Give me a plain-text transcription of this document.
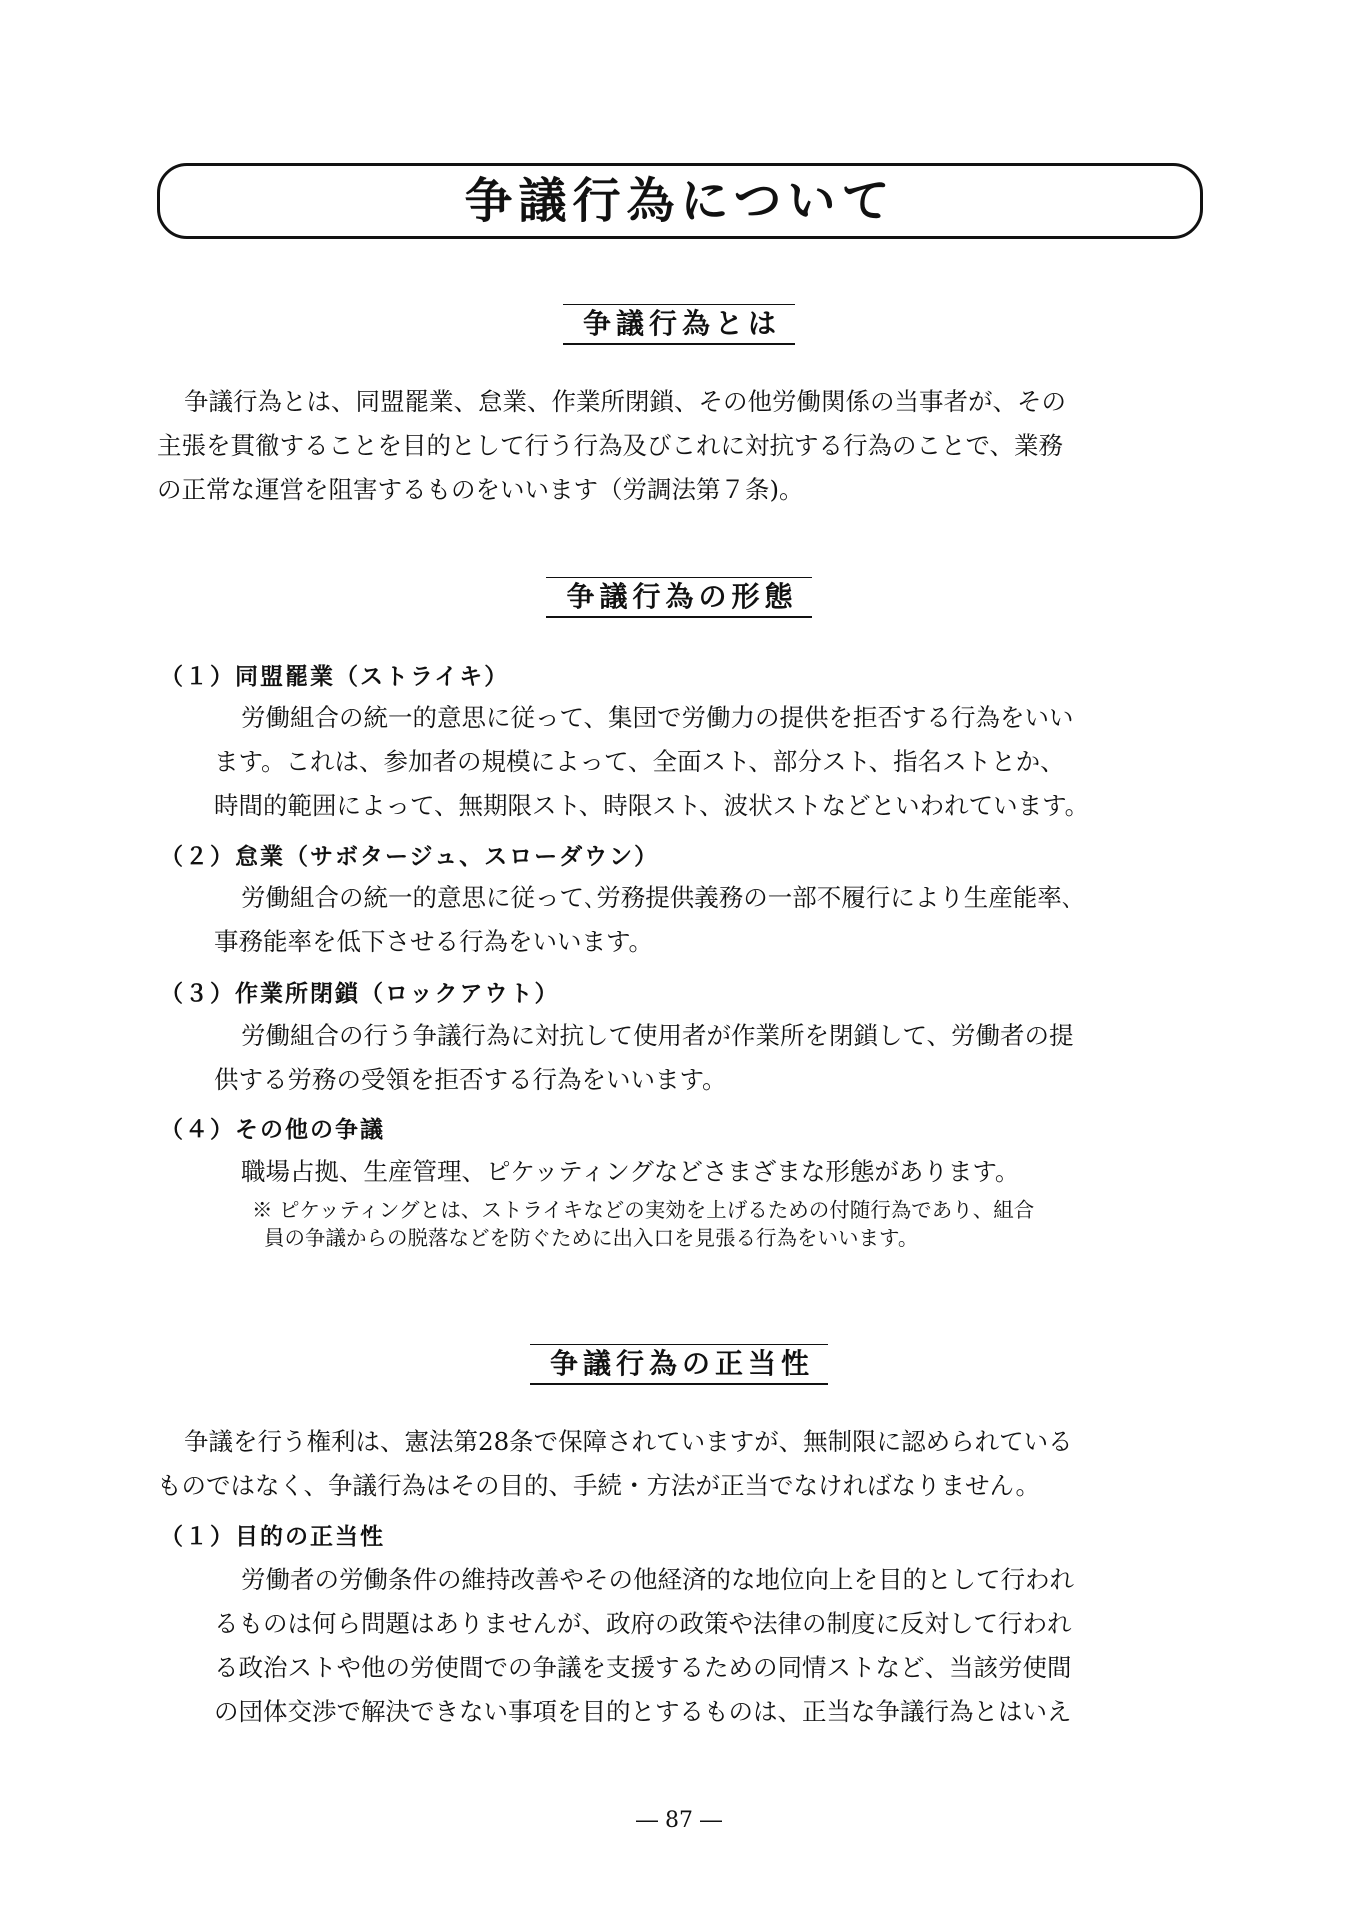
争議行為について
争議行為とは
争議行為とは、同盟罷業、怠業、作業所閉鎖、その他労働関係の当事者が、その
主張を貫徹することを目的として行う行為及びこれに対抗する行為のことで、業務
の正常な運営を阻害するものをいいます（労調法第７条)。
争議行為の形態
（１）同盟罷業（ストライキ）
労働組合の統一的意思に従って、集団で労働力の提供を拒否する行為をいい
ます。これは、参加者の規模によって、全面スト、部分スト、指名ストとか、
時間的範囲によって、無期限スト、時限スト、波状ストなどといわれています。
（２）怠業（サボタージュ、スローダウン）
労働組合の統一的意思に従って､労務提供義務の一部不履行により生産能率､
事務能率を低下させる行為をいいます。
（３）作業所閉鎖（ロックアウト）
労働組合の行う争議行為に対抗して使用者が作業所を閉鎖して、労働者の提
供する労務の受領を拒否する行為をいいます。
（４）その他の争議
職場占拠、生産管理、ピケッティングなどさまざまな形態があります。
※ ピケッティングとは、ストライキなどの実効を上げるための付随行為であり、組合
員の争議からの脱落などを防ぐために出入口を見張る行為をいいます。
争議行為の正当性
争議を行う権利は、憲法第28条で保障されていますが、無制限に認められている
ものではなく、争議行為はその目的、手続・方法が正当でなければなりません。
（１）目的の正当性
労働者の労働条件の維持改善やその他経済的な地位向上を目的として行われ
るものは何ら問題はありませんが、政府の政策や法律の制度に反対して行われ
る政治ストや他の労使間での争議を支援するための同情ストなど、当該労使間
の団体交渉で解決できない事項を目的とするものは、正当な争議行為とはいえ
― 87 ―
